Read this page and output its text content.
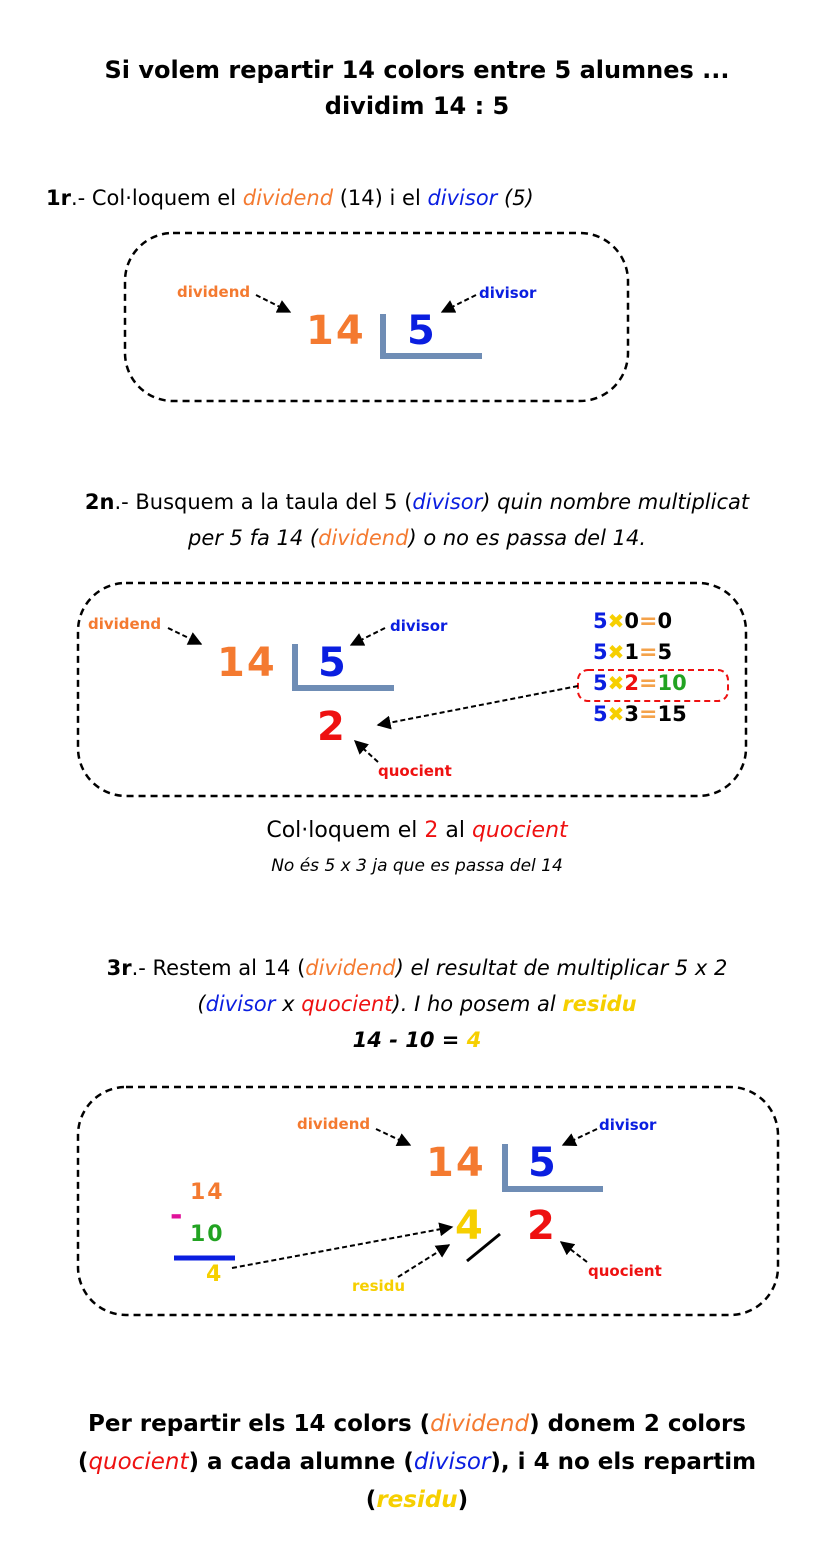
Si volem repartir 14 colors entre 5 alumnes ...
dividim 14 : 5
1r.- Col·loquem el dividend (14) i el divisor (5)
dividend	divisor
14 5
2n.- Busquem a la taula del 5 (divisor) quin nombre multiplicat
per 5 fa 14 (dividend) o no es passa del 14.
dividend	divisor
14 5
2
quocient
5✖0=0
5✖1=5
5✖2=10
5✖3=15
Col·loquem el 2 al quocient
No és 5 x 3 ja que es passa del 14
3r.- Restem al 14 (dividend) el resultat de multiplicar 5 x 2
(divisor x quocient). I ho posem al residu
14 - 10 = 4
dividend	divisor
14 5
4 2
quocient
residu
14
-
10
4
Per repartir els 14 colors (dividend) donem 2 colors
(quocient) a cada alumne (divisor), i 4 no els repartim
(residu)
